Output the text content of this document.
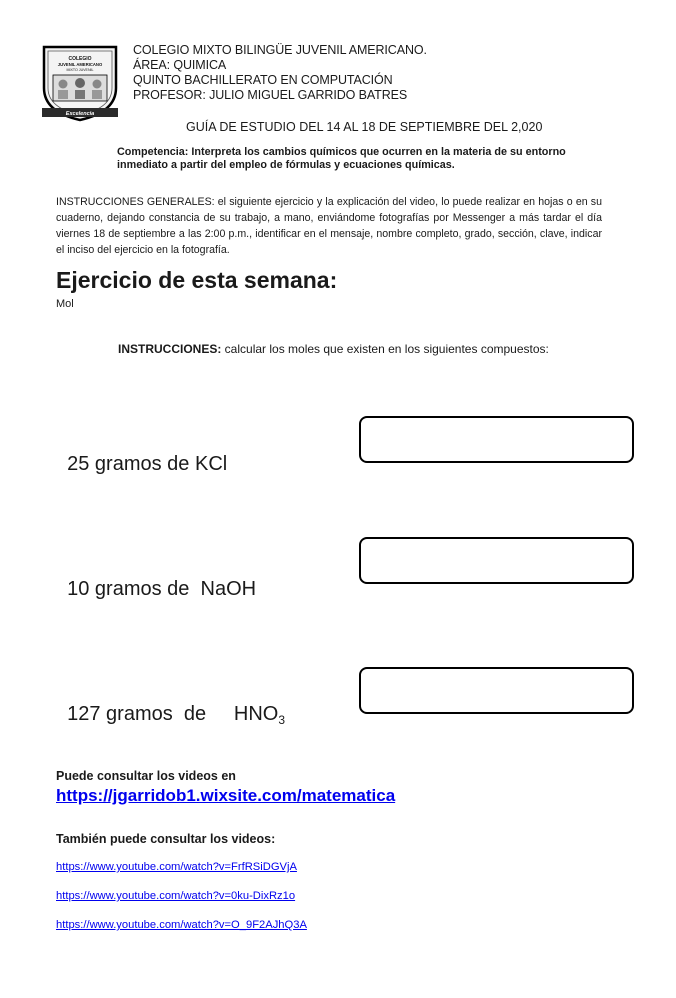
COLEGIO
JUVENIL AMERICANO
MIXTO JUVENIL
Excelencia
COLEGIO MIXTO BILINGÜE JUVENIL AMERICANO.
ÁREA: QUIMICA
QUINTO BACHILLERATO EN COMPUTACIÓN
PROFESOR: JULIO MIGUEL GARRIDO BATRES
GUÍA DE ESTUDIO DEL 14 AL 18 DE SEPTIEMBRE DEL 2,020
Competencia: Interpreta los cambios químicos que ocurren en la materia de su entorno inmediato a partir del empleo de fórmulas y ecuaciones químicas.
INSTRUCCIONES GENERALES: el siguiente ejercicio y la explicación del video, lo puede realizar en hojas o en su cuaderno, dejando constancia de su trabajo, a mano, enviándome fotografías por Messenger a más tardar el día viernes 18 de septiembre a las 2:00 p.m., identificar en el mensaje, nombre completo, grado, sección, clave, indicar el inciso del ejercicio en la fotografía.
Ejercicio de esta semana:
Mol
INSTRUCCIONES: calcular los moles que existen en los siguientes compuestos:

25 gramos de KCl

10 gramos de  NaOH

127 gramos  de     $HNO_3$

Puede consultar los videos en
https://jgarridob1.wixsite.com/matematica
También puede consultar los videos:
https://www.youtube.com/watch?v=FrfRSiDGVjA
https://www.youtube.com/watch?v=0ku-DixRz1o
https://www.youtube.com/watch?v=O_9F2AJhQ3A
